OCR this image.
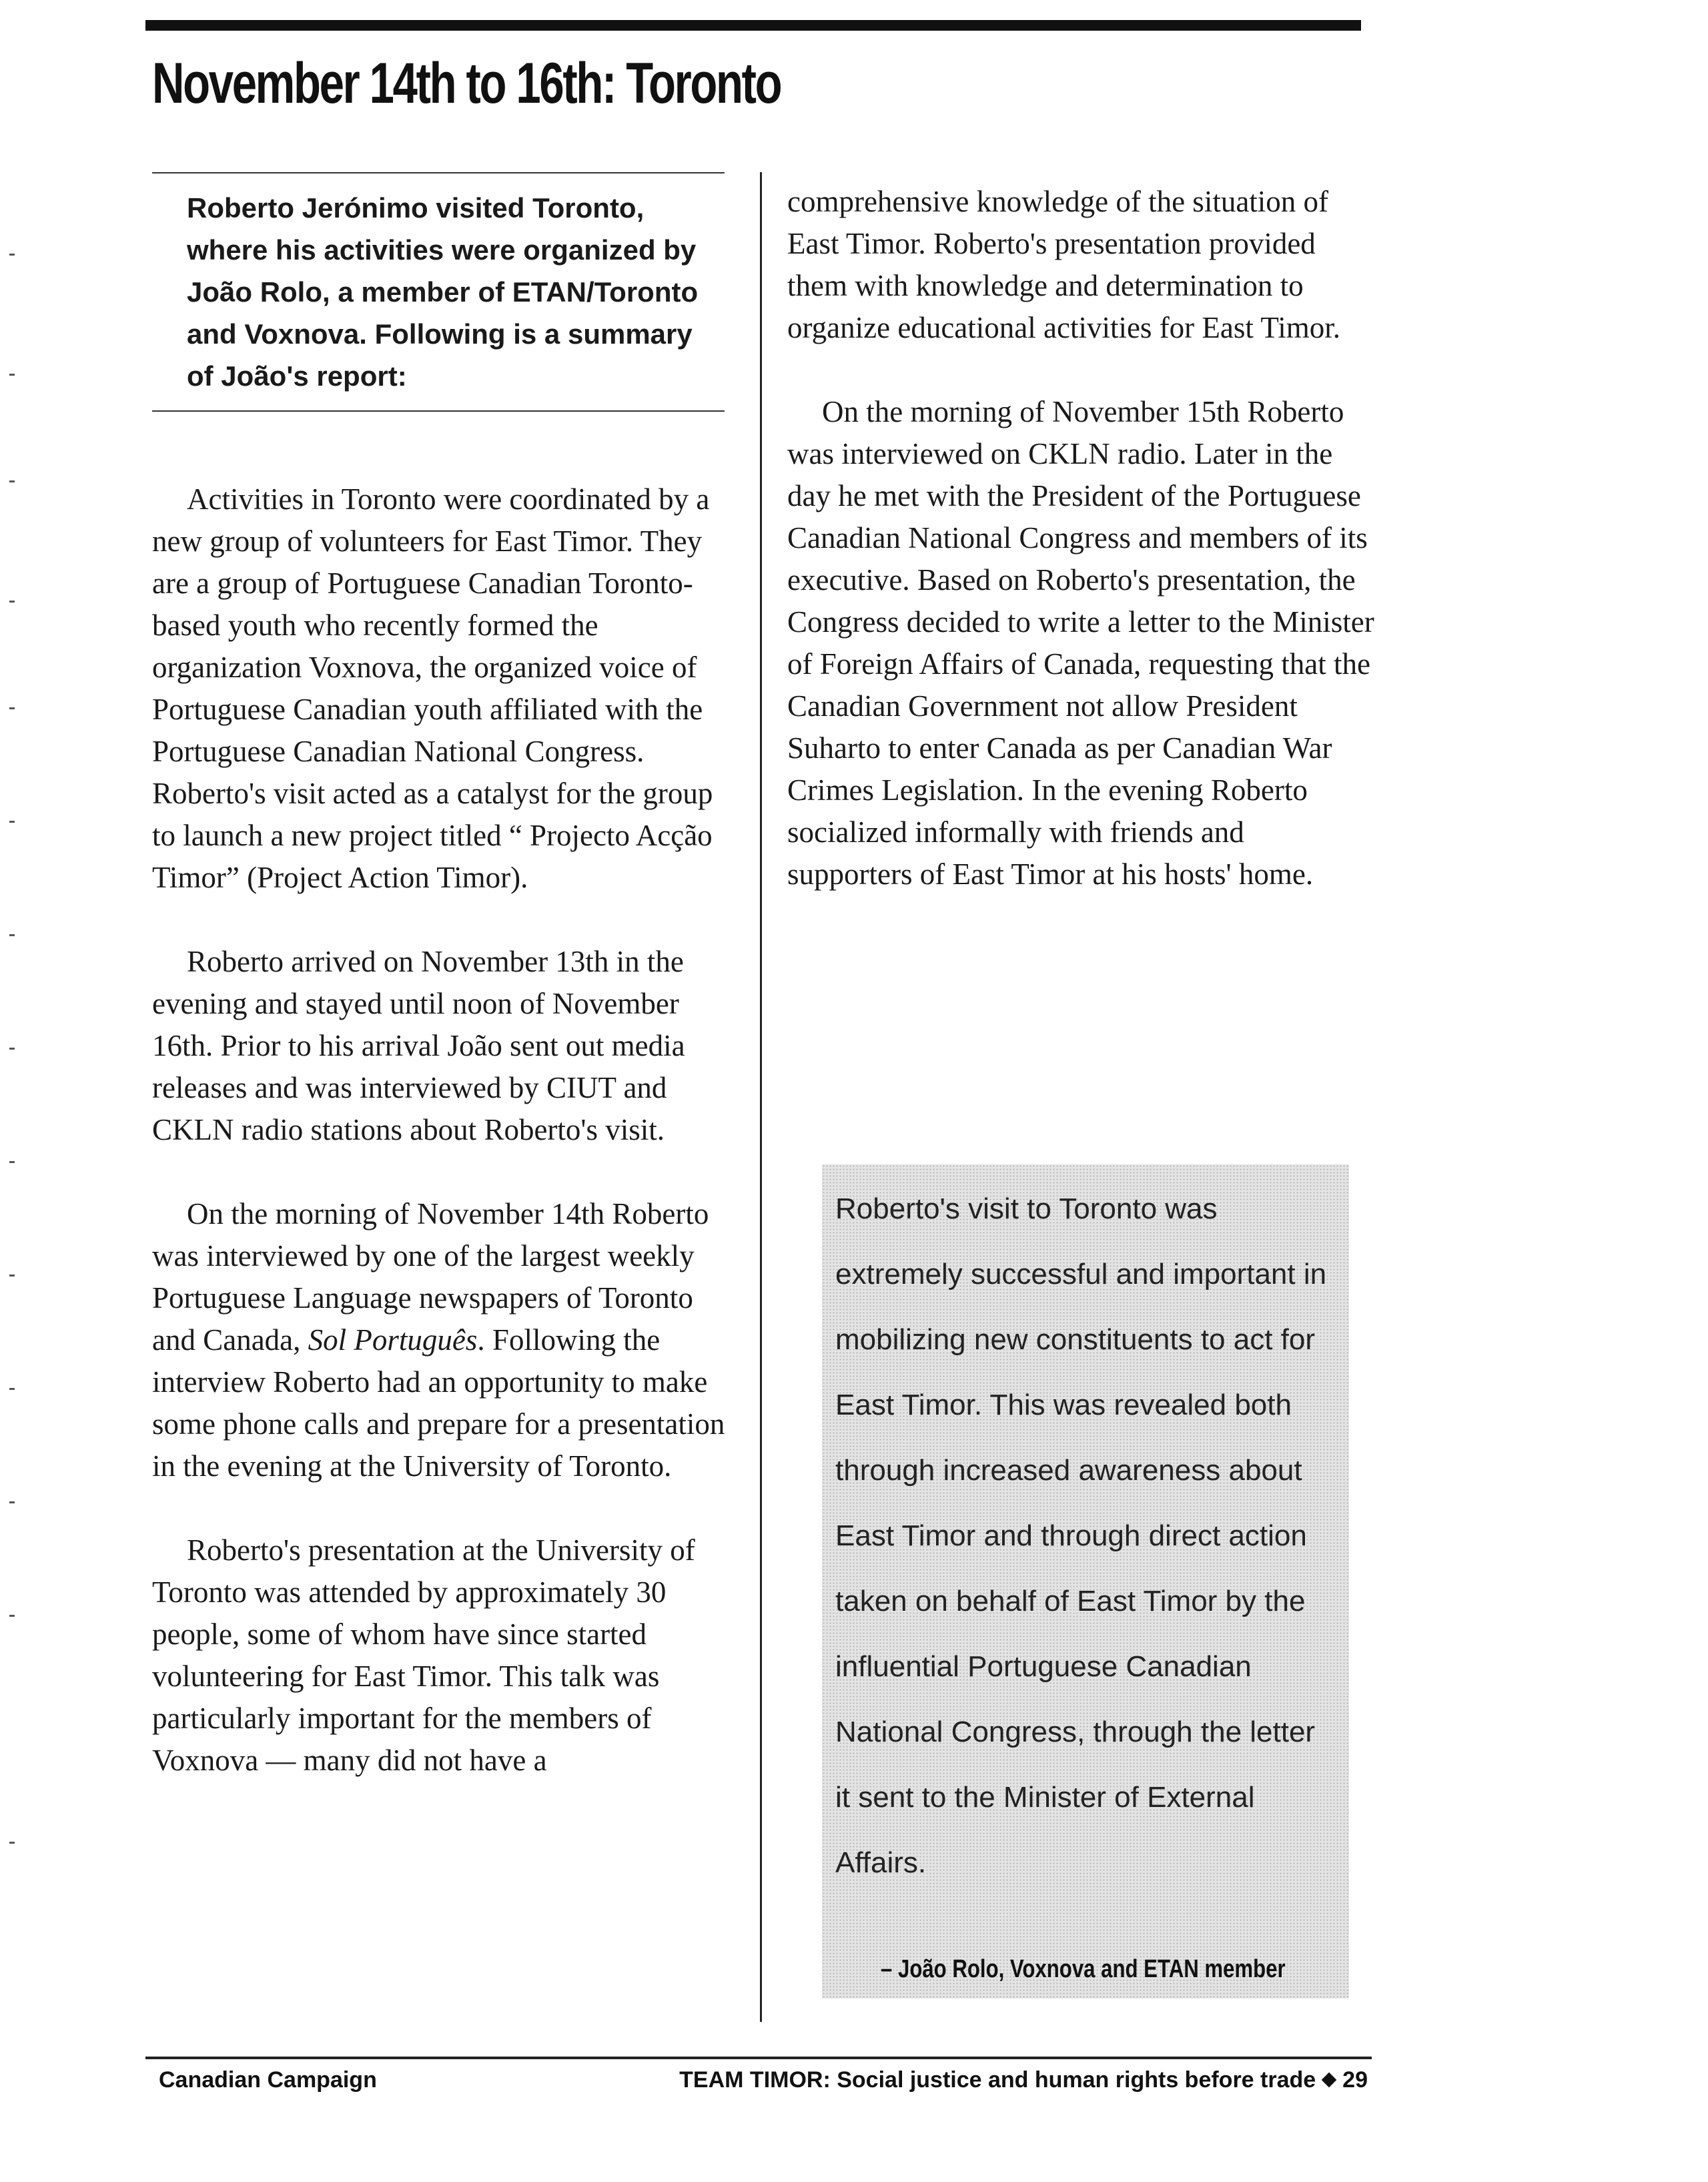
November 14th to 16th: Toronto

Roberto Jerónimo visited Toronto, where his activities were organized by João Rolo, a member of ETAN/Toronto and Voxnova. Following is a summary of João's report:

Activities in Toronto were coordinated by a new group of volunteers for East Timor. They are a group of Portuguese Canadian Toronto-based youth who recently formed the organization Voxnova, the organized voice of Portuguese Canadian youth affiliated with the Portuguese Canadian National Congress. Roberto's visit acted as a catalyst for the group to launch a new project titled “ Projecto Acção Timor” (Project Action Timor).

Roberto arrived on November 13th in the evening and stayed until noon of November 16th. Prior to his arrival João sent out media releases and was interviewed by CIUT and CKLN radio stations about Roberto's visit.

On the morning of November 14th Roberto was interviewed by one of the largest weekly Portuguese Language newspapers of Toronto and Canada, Sol Português. Following the interview Roberto had an opportunity to make some phone calls and prepare for a presentation in the evening at the University of Toronto.

Roberto's presentation at the University of Toronto was attended by approximately 30 people, some of whom have since started volunteering for East Timor. This talk was particularly important for the members of Voxnova — many did not have a

comprehensive knowledge of the situation of East Timor. Roberto's presentation provided them with knowledge and determination to organize educational activities for East Timor.

On the morning of November 15th Roberto was interviewed on CKLN radio. Later in the day he met with the President of the Portuguese Canadian National Congress and members of its executive. Based on Roberto's presentation, the Congress decided to write a letter to the Minister of Foreign Affairs of Canada, requesting that the Canadian Government not allow President Suharto to enter Canada as per Canadian War Crimes Legislation. In the evening Roberto socialized informally with friends and supporters of East Timor at his hosts' home.

Roberto's visit to Toronto was extremely successful and important in mobilizing new constituents to act for East Timor. This was revealed both through increased awareness about East Timor and through direct action taken on behalf of East Timor by the influential Portuguese Canadian National Congress, through the letter it sent to the Minister of External Affairs.

– João Rolo, Voxnova and ETAN member
Canadian Campaign	TEAM TIMOR: Social justice and human rights before trade 29
